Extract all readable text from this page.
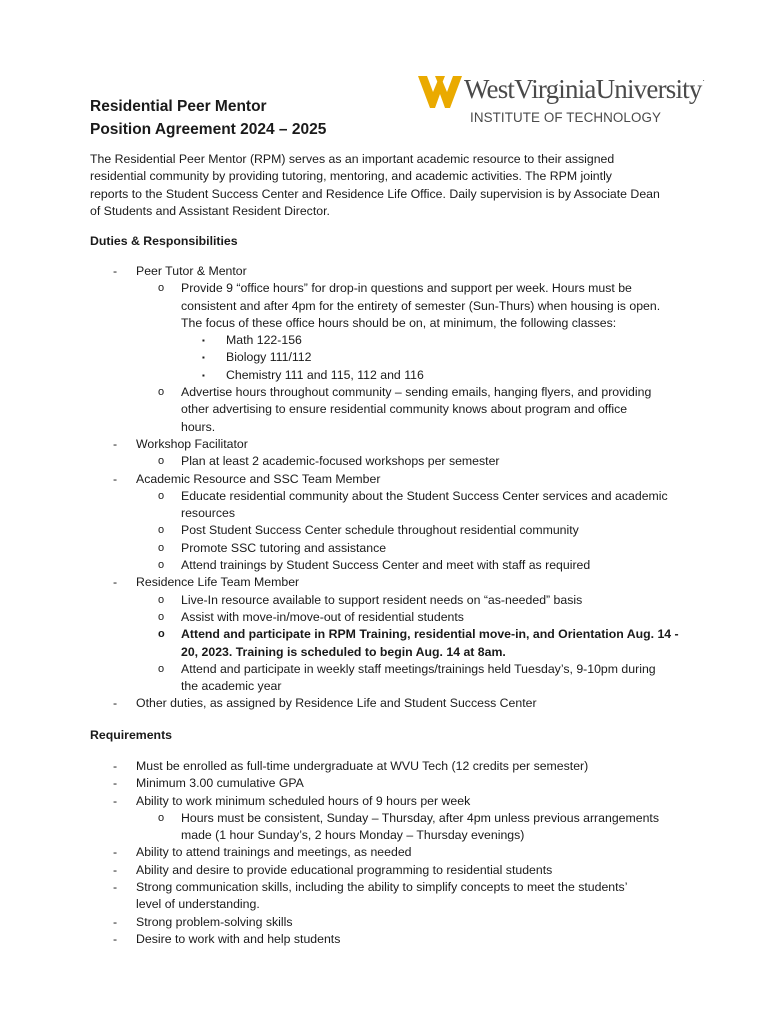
WestVirginiaUniversity.
INSTITUTE OF TECHNOLOGY
Residential Peer Mentor
Position Agreement 2024 – 2025
The Residential Peer Mentor (RPM) serves as an important academic resource to their assigned
residential community by providing tutoring, mentoring, and academic activities. The RPM jointly
reports to the Student Success Center and Residence Life Office. Daily supervision is by Associate Dean
of Students and Assistant Resident Director.
Duties & Responsibilities
- Peer Tutor & Mentor
o Provide 9 “office hours” for drop-in questions and support per week. Hours must be
consistent and after 4pm for the entirety of semester (Sun-Thurs) when housing is open.
The focus of these office hours should be on, at minimum, the following classes:
▪ Math 122-156
▪ Biology 111/112
▪ Chemistry 111 and 115, 112 and 116
o Advertise hours throughout community – sending emails, hanging flyers, and providing
other advertising to ensure residential community knows about program and office
hours.
- Workshop Facilitator
o Plan at least 2 academic-focused workshops per semester
- Academic Resource and SSC Team Member
o Educate residential community about the Student Success Center services and academic
resources
o Post Student Success Center schedule throughout residential community
o Promote SSC tutoring and assistance
o Attend trainings by Student Success Center and meet with staff as required
- Residence Life Team Member
o Live-In resource available to support resident needs on “as-needed” basis
o Assist with move-in/move-out of residential students
o Attend and participate in RPM Training, residential move-in, and Orientation Aug. 14 -
20, 2023. Training is scheduled to begin Aug. 14 at 8am.
o Attend and participate in weekly staff meetings/trainings held Tuesday’s, 9-10pm during
the academic year
- Other duties, as assigned by Residence Life and Student Success Center
Requirements
- Must be enrolled as full-time undergraduate at WVU Tech (12 credits per semester)
- Minimum 3.00 cumulative GPA
- Ability to work minimum scheduled hours of 9 hours per week
o Hours must be consistent, Sunday – Thursday, after 4pm unless previous arrangements
made (1 hour Sunday’s, 2 hours Monday – Thursday evenings)
- Ability to attend trainings and meetings, as needed
- Ability and desire to provide educational programming to residential students
- Strong communication skills, including the ability to simplify concepts to meet the students’
level of understanding.
- Strong problem-solving skills
- Desire to work with and help students
